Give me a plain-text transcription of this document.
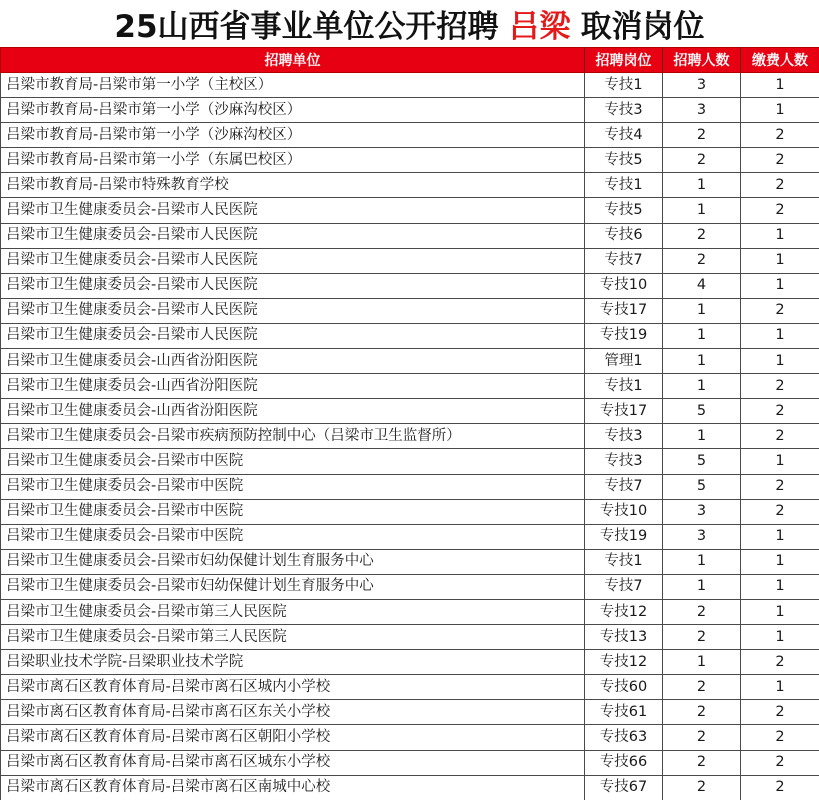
25山西省事业单位公开招聘 吕梁 取消岗位
招聘单位	招聘岗位	招聘人数	缴费人数
吕梁市教育局-吕梁市第一小学（主校区）	专技1	3	1
吕梁市教育局-吕梁市第一小学（沙麻沟校区）	专技3	3	1
吕梁市教育局-吕梁市第一小学（沙麻沟校区）	专技4	2	2
吕梁市教育局-吕梁市第一小学（东属巴校区）	专技5	2	2
吕梁市教育局-吕梁市特殊教育学校	专技1	1	2
吕梁市卫生健康委员会-吕梁市人民医院	专技5	1	2
吕梁市卫生健康委员会-吕梁市人民医院	专技6	2	1
吕梁市卫生健康委员会-吕梁市人民医院	专技7	2	1
吕梁市卫生健康委员会-吕梁市人民医院	专技10	4	1
吕梁市卫生健康委员会-吕梁市人民医院	专技17	1	2
吕梁市卫生健康委员会-吕梁市人民医院	专技19	1	1
吕梁市卫生健康委员会-山西省汾阳医院	管理1	1	1
吕梁市卫生健康委员会-山西省汾阳医院	专技1	1	2
吕梁市卫生健康委员会-山西省汾阳医院	专技17	5	2
吕梁市卫生健康委员会-吕梁市疾病预防控制中心（吕梁市卫生监督所）	专技3	1	2
吕梁市卫生健康委员会-吕梁市中医院	专技3	5	1
吕梁市卫生健康委员会-吕梁市中医院	专技7	5	2
吕梁市卫生健康委员会-吕梁市中医院	专技10	3	2
吕梁市卫生健康委员会-吕梁市中医院	专技19	3	1
吕梁市卫生健康委员会-吕梁市妇幼保健计划生育服务中心	专技1	1	1
吕梁市卫生健康委员会-吕梁市妇幼保健计划生育服务中心	专技7	1	1
吕梁市卫生健康委员会-吕梁市第三人民医院	专技12	2	1
吕梁市卫生健康委员会-吕梁市第三人民医院	专技13	2	1
吕梁职业技术学院-吕梁职业技术学院	专技12	1	2
吕梁市离石区教育体育局-吕梁市离石区城内小学校	专技60	2	1
吕梁市离石区教育体育局-吕梁市离石区东关小学校	专技61	2	2
吕梁市离石区教育体育局-吕梁市离石区朝阳小学校	专技63	2	2
吕梁市离石区教育体育局-吕梁市离石区城东小学校	专技66	2	2
吕梁市离石区教育体育局-吕梁市离石区南城中心校	专技67	2	2
